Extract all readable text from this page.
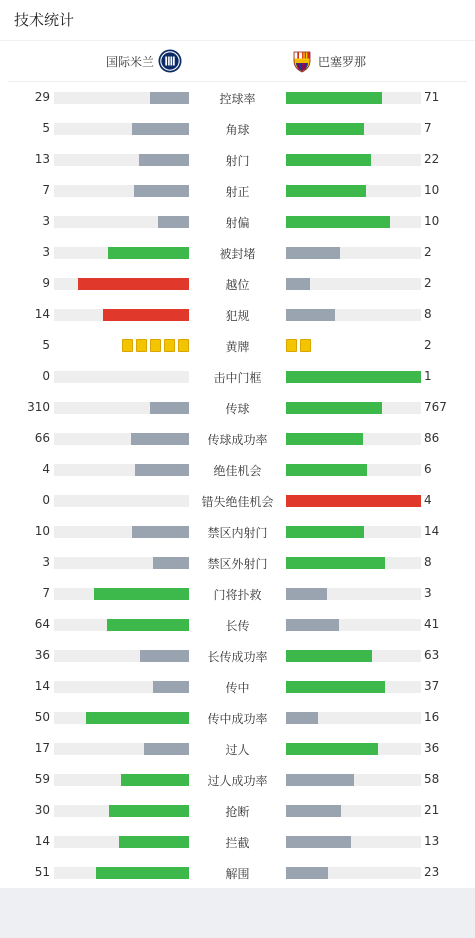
技术统计
国际米兰	巴塞罗那
29	控球率	71
5	角球	7
13	射门	22
7	射正	10
3	射偏	10
3	被封堵	2
9	越位	2
14	犯规	8
5	黄牌	2
0	击中门框	1
310	传球	767
66	传球成功率	86
4	绝佳机会	6
0	错失绝佳机会	4
10	禁区内射门	14
3	禁区外射门	8
7	门将扑救	3
64	长传	41
36	长传成功率	63
14	传中	37
50	传中成功率	16
17	过人	36
59	过人成功率	58
30	抢断	21
14	拦截	13
51	解围	23
